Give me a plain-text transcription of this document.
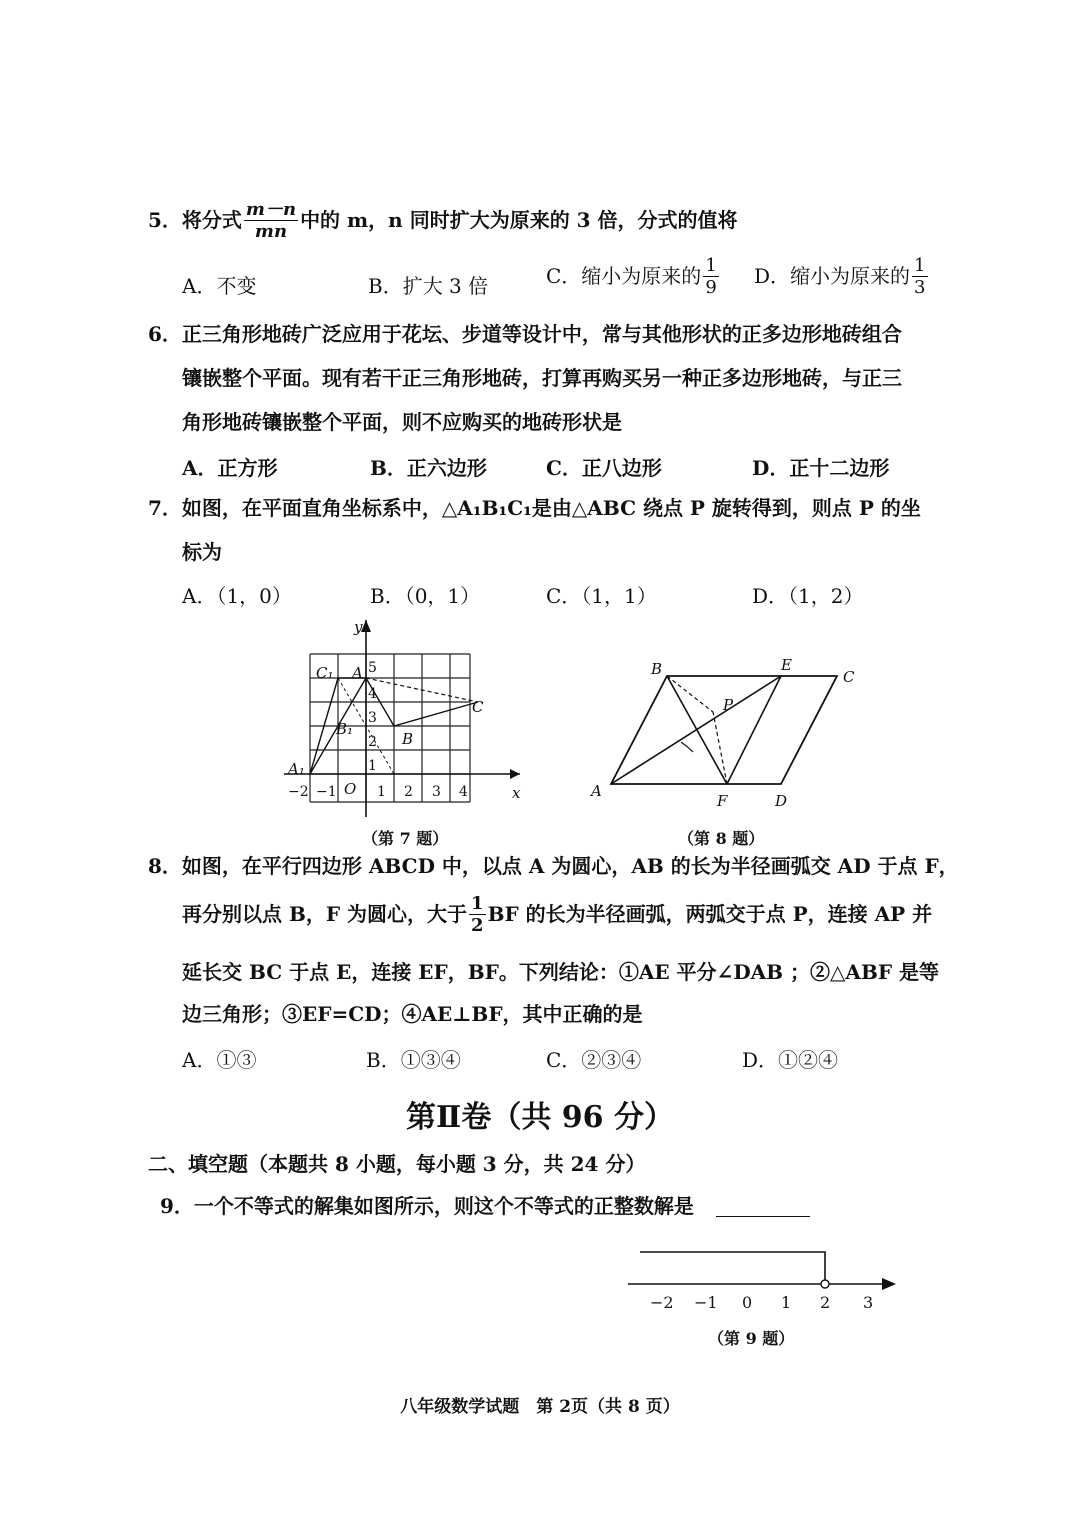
5．将分式 $\frac{m-n}{mn}$ 中的 m，n 同时扩大为原来的 3 倍，分式的值将
A．不变	B．扩大 3 倍	C．缩小为原来的 $\frac{1}{9}$ D．缩小为原来的 $\frac{1}{3}$
6．正三角形地砖广泛应用于花坛、步道等设计中，常与其他形状的正多边形地砖组合
镶嵌整个平面。现有若干正三角形地砖，打算再购买另一种正多边形地砖，与正三
角形地砖镶嵌整个平面，则不应购买的地砖形状是
A．正方形	B．正六边形	C．正八边形	D．正十二边形
7．如图，在平面直角坐标系中，△A₁B₁C₁是由△ABC 绕点 P 旋转得到，则点 P 的坐
标为
A．（1，0）	B．（0，1）	C．（1，1）	D．（1，2）
y
x
O
C₁ A
B₁
B
C
A₁
−2 −1	1 2 3 4
1
2
3
4
5
（第 7 题）
B	E
C
P
A
F	D
（第 8 题）
8．如图，在平行四边形 ABCD 中，以点 A 为圆心，AB 的长为半径画弧交 AD 于点 F，
再分别以点 B，F 为圆心，大于 $\frac{1}{2}$ BF 的长为半径画弧，两弧交于点 P，连接 AP 并
延长交 BC 于点 E，连接 EF，BF。下列结论：①AE 平分∠DAB ；②△ABF 是等
边三角形；③EF=CD；④AE⊥BF，其中正确的是
A．①③	B．①③④	C．②③④	D．①②④
第Ⅱ卷（共 96 分）
二、填空题（本题共 8 小题，每小题 3 分，共 24 分）
9．一个不等式的解集如图所示，则这个不等式的正整数解是
−2 −1 0 1 2 3
（第 9 题）
八年级数学试题　第 2页（共 8 页）
